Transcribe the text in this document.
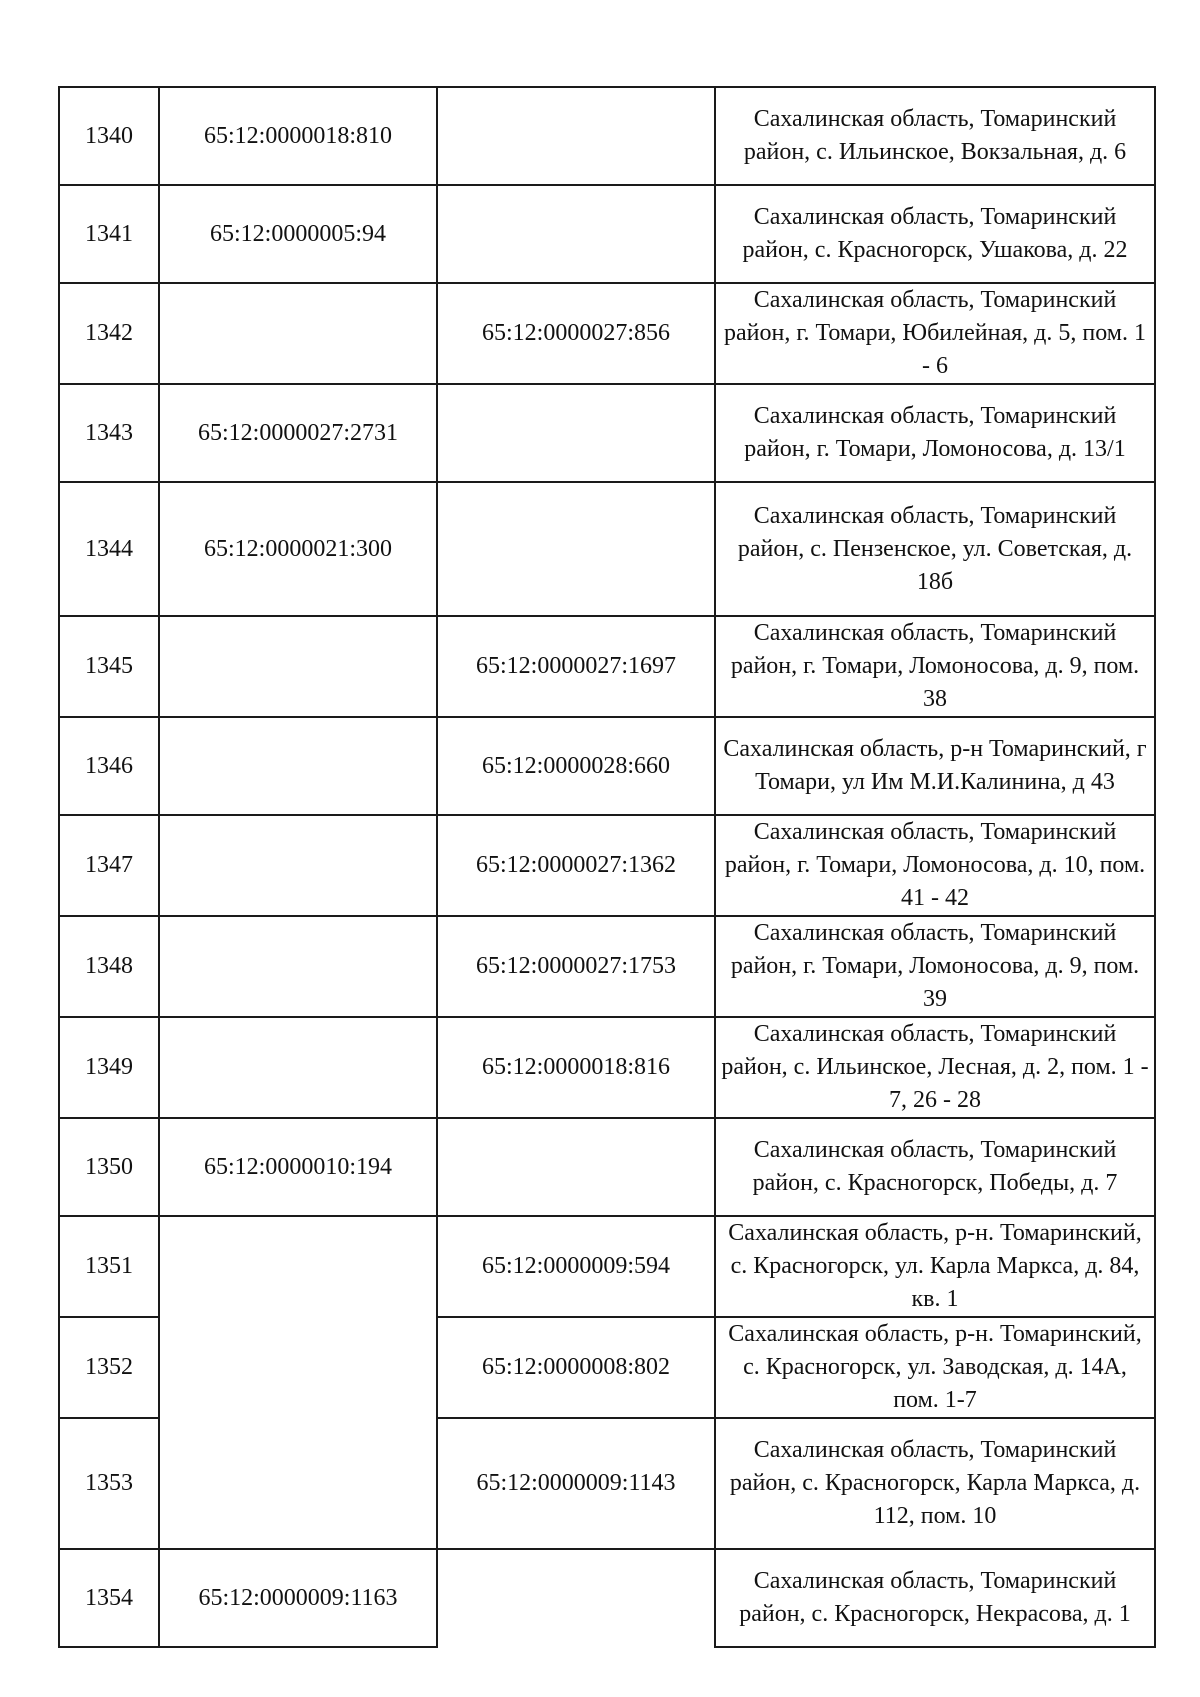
1340	65:12:0000018:810		Сахалинская область, Томаринский район, с. Ильинское, Вокзальная, д. 6
1341	65:12:0000005:94		Сахалинская область, Томаринский район, с. Красногорск, Ушакова, д. 22
1342		65:12:0000027:856	Сахалинская область, Томаринский район, г. Томари, Юбилейная, д. 5, пом. 1 - 6
1343	65:12:0000027:2731		Сахалинская область, Томаринский район, г. Томари, Ломоносова, д. 13/1
1344	65:12:0000021:300		Сахалинская область, Томаринский район, с. Пензенское, ул. Советская, д. 18б
1345		65:12:0000027:1697	Сахалинская область, Томаринский район, г. Томари, Ломоносова, д. 9, пом. 38
1346		65:12:0000028:660	Сахалинская область, р-н Томаринский, г Томари, ул Им М.И.Калинина, д 43
1347		65:12:0000027:1362	Сахалинская область, Томаринский район, г. Томари, Ломоносова, д. 10, пом. 41 - 42
1348		65:12:0000027:1753	Сахалинская область, Томаринский район, г. Томари, Ломоносова, д. 9, пом. 39
1349		65:12:0000018:816	Сахалинская область, Томаринский район, с. Ильинское, Лесная, д. 2, пом. 1 - 7, 26 - 28
1350	65:12:0000010:194		Сахалинская область, Томаринский район, с. Красногорск, Победы, д. 7
1351		65:12:0000009:594	Сахалинская область, р-н. Томаринский, с. Красногорск, ул. Карла Маркса, д. 84, кв. 1
1352		65:12:0000008:802	Сахалинская область, р-н. Томаринский, с. Красногорск, ул. Заводская, д. 14А, пом. 1-7
1353		65:12:0000009:1143	Сахалинская область, Томаринский район, с. Красногорск, Карла Маркса, д. 112, пом. 10
1354	65:12:0000009:1163		Сахалинская область, Томаринский район, с. Красногорск, Некрасова, д. 1
